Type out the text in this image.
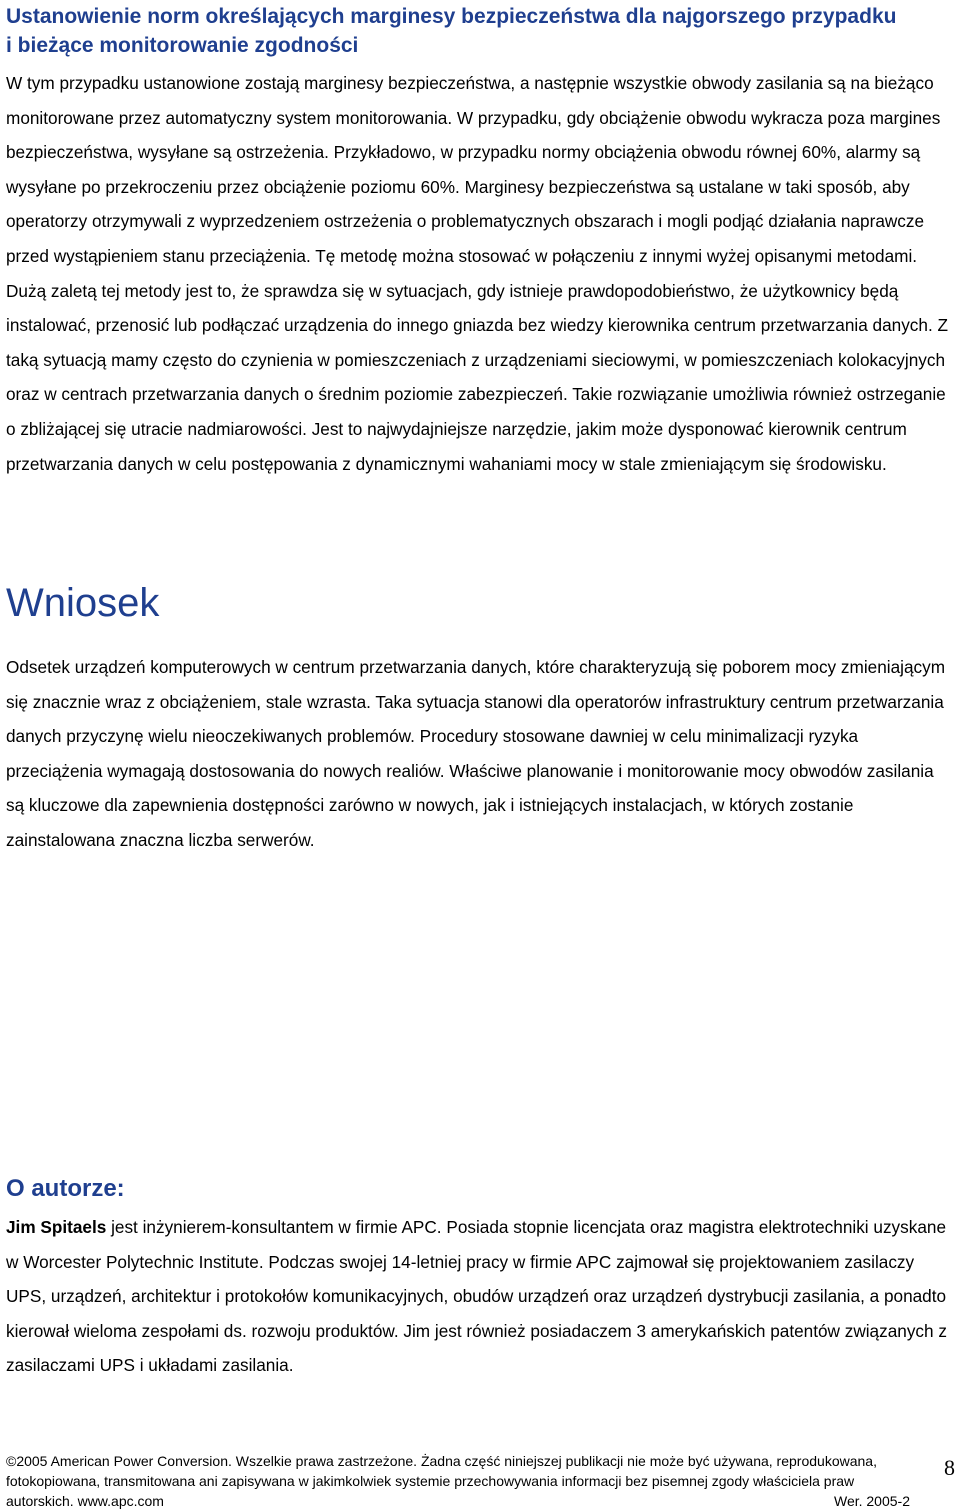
Ustanowienie norm określających marginesy bezpieczeństwa dla najgorszego przypadku
i bieżące monitorowanie zgodności

W tym przypadku ustanowione zostają marginesy bezpieczeństwa, a następnie wszystkie obwody zasilania są na bieżąco monitorowane przez automatyczny system monitorowania. W przypadku, gdy obciążenie obwodu wykracza poza margines bezpieczeństwa, wysyłane są ostrzeżenia. Przykładowo, w przypadku normy obciążenia obwodu równej 60%, alarmy są wysyłane po przekroczeniu przez obciążenie poziomu 60%. Marginesy bezpieczeństwa są ustalane w taki sposób, aby operatorzy otrzymywali z wyprzedzeniem ostrzeżenia o problematycznych obszarach i mogli podjąć działania naprawcze przed wystąpieniem stanu przeciążenia. Tę metodę można stosować w połączeniu z innymi wyżej opisanymi metodami. Dużą zaletą tej metody jest to, że sprawdza się w sytuacjach, gdy istnieje prawdopodobieństwo, że użytkownicy będą instalować, przenosić lub podłączać urządzenia do innego gniazda bez wiedzy kierownika centrum przetwarzania danych. Z taką sytuacją mamy często do czynienia w pomieszczeniach z urządzeniami sieciowymi, w pomieszczeniach kolokacyjnych oraz w centrach przetwarzania danych o średnim poziomie zabezpieczeń. Takie rozwiązanie umożliwia również ostrzeganie o zbliżającej się utracie nadmiarowości. Jest to najwydajniejsze narzędzie, jakim może dysponować kierownik centrum przetwarzania danych w celu postępowania z dynamicznymi wahaniami mocy w stale zmieniającym się środowisku.

Wniosek

Odsetek urządzeń komputerowych w centrum przetwarzania danych, które charakteryzują się poborem mocy zmieniającym się znacznie wraz z obciążeniem, stale wzrasta. Taka sytuacja stanowi dla operatorów infrastruktury centrum przetwarzania danych przyczynę wielu nieoczekiwanych problemów. Procedury stosowane dawniej w celu minimalizacji ryzyka przeciążenia wymagają dostosowania do nowych realiów. Właściwe planowanie i monitorowanie mocy obwodów zasilania są kluczowe dla zapewnienia dostępności zarówno w nowych, jak i istniejących instalacjach, w których zostanie zainstalowana znaczna liczba serwerów.

O autorze:

Jim Spitaels jest inżynierem-konsultantem w firmie APC. Posiada stopnie licencjata oraz magistra elektrotechniki uzyskane w Worcester Polytechnic Institute. Podczas swojej 14-letniej pracy w firmie APC zajmował się projektowaniem zasilaczy UPS, urządzeń, architektur i protokołów komunikacyjnych, obudów urządzeń oraz urządzeń dystrybucji zasilania, a ponadto kierował wieloma zespołami ds. rozwoju produktów. Jim jest również posiadaczem 3 amerykańskich patentów związanych z zasilaczami UPS i układami zasilania.

©2005 American Power Conversion. Wszelkie prawa zastrzeżone. Żadna część niniejszej publikacji nie może być używana, reprodukowana,
fotokopiowana, transmitowana ani zapisywana w jakimkolwiek systemie przechowywania informacji bez pisemnej zgody właściciela praw
autorskich. www.apc.com	Wer. 2005-2
8
